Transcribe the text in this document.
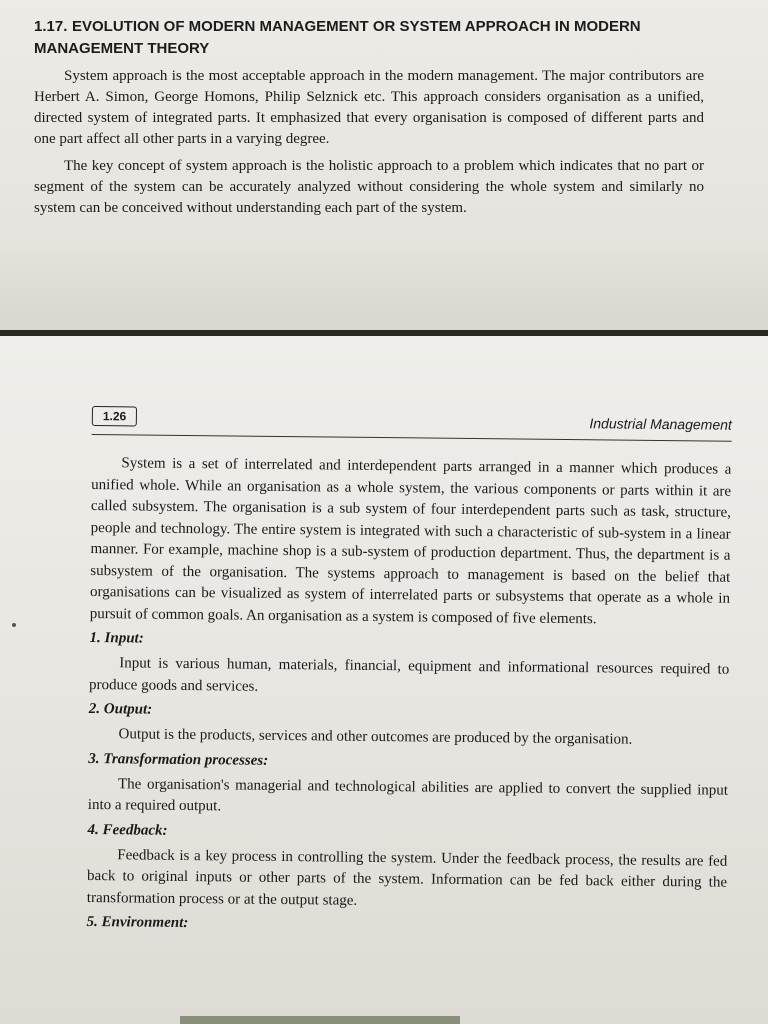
1.17. EVOLUTION OF MODERN MANAGEMENT OR SYSTEM APPROACH IN MODERN

MANAGEMENT THEORY

System approach is the most acceptable approach in the modern management. The major contributors are Herbert A. Simon, George Homons, Philip Selznick etc. This approach considers organisation as a unified, directed system of integrated parts. It emphasized that every organisation is composed of different parts and one part affect all other parts in a varying degree.

The key concept of system approach is the holistic approach to a problem which indicates that no part or segment of the system can be accurately analyzed without considering the whole system and similarly no system can be conceived without understanding each part of the system.

1.26	Industrial Management

System is a set of interrelated and interdependent parts arranged in a manner which produces a unified whole. While an organisation as a whole system, the various components or parts within it are called subsystem. The organisation is a sub system of four interdependent parts such as task, structure, people and technology. The entire system is integrated with such a characteristic of sub-system in a linear manner. For example, machine shop is a sub-system of production department. Thus, the department is a subsystem of the organisation. The systems approach to management is based on the belief that organisations can be visualized as system of interrelated parts or subsystems that operate as a whole in pursuit of common goals. An organisation as a system is composed of five elements.

1. Input:

Input is various human, materials, financial, equipment and informational resources required to produce goods and services.

2. Output:

Output is the products, services and other outcomes are produced by the organisation.

3. Transformation processes:

The organisation's managerial and technological abilities are applied to convert the supplied input into a required output.

4. Feedback:

Feedback is a key process in controlling the system. Under the feedback process, the results are fed back to original inputs or other parts of the system. Information can be fed back either during the transformation process or at the output stage.

5. Environment:
